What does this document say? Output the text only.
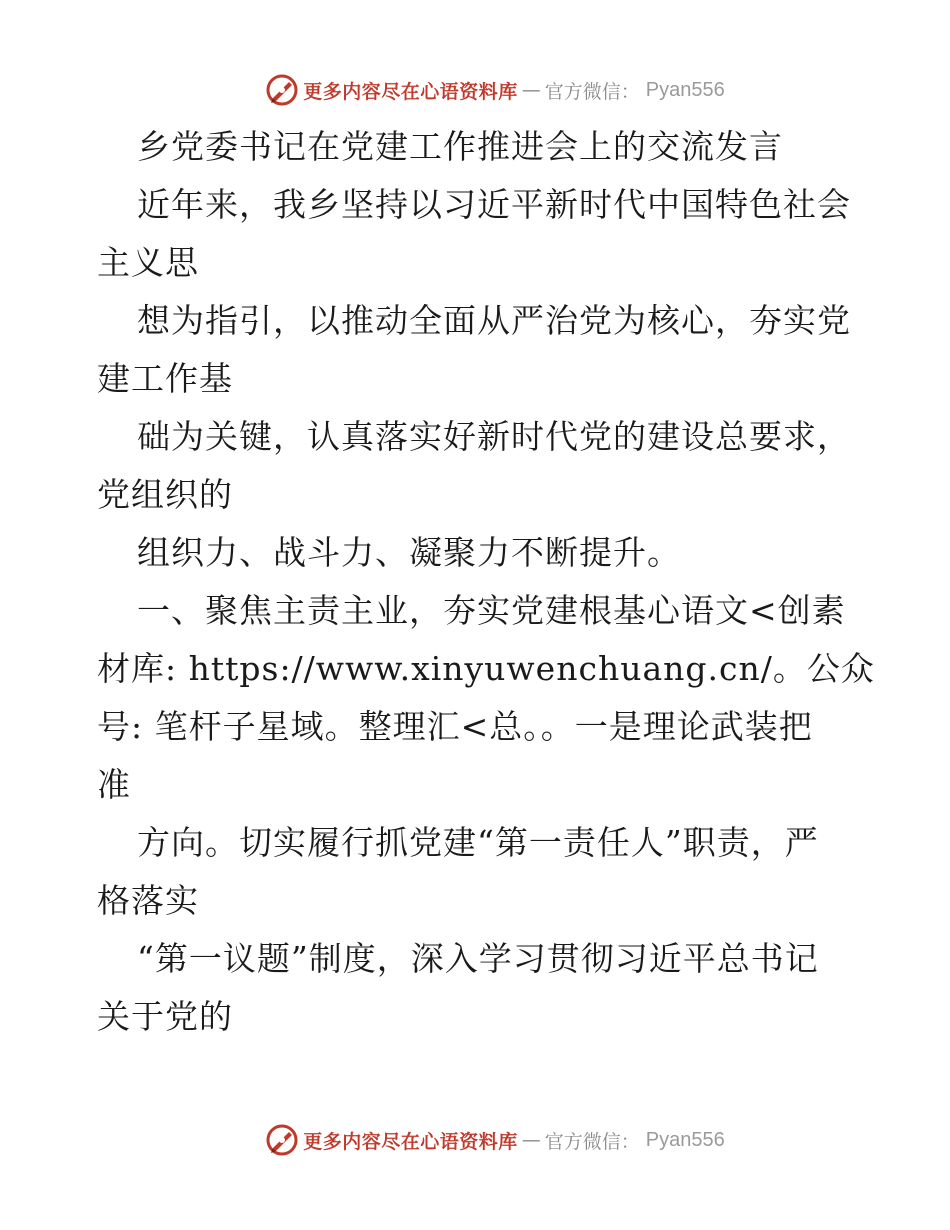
更多内容尽在心语资料库 — 官方微信： Pyan556
乡党委书记在党建工作推进会上的交流发言
近年来，我乡坚持以习近平新时代中国特色社会
主义思
想为指引，以推动全面从严治党为核心，夯实党
建工作基
础为关键，认真落实好新时代党的建设总要求，
党组织的
组织力、战斗力、凝聚力不断提升。
一、聚焦主责主业，夯实党建根基心语文<创素
材库: https://www.xinyuwenchuang.cn/。公众
号: 笔杆子星域。整理汇<总。。一是理论武装把
准
方向。切实履行抓党建“第一责任人”职责，严
格落实
“第一议题”制度，深入学习贯彻习近平总书记
关于党的
更多内容尽在心语资料库 — 官方微信： Pyan556
